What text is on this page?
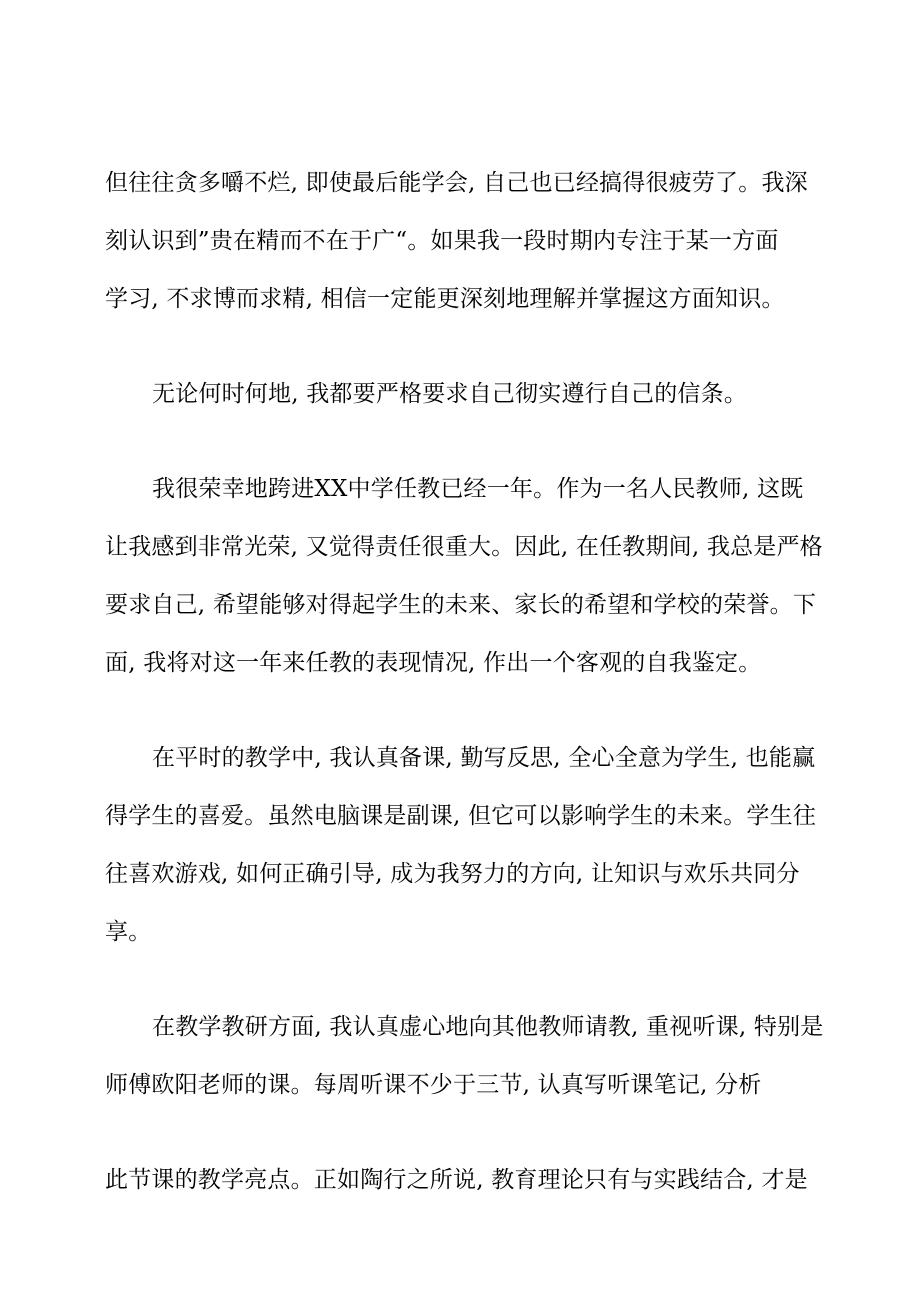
但往往贪多嚼不烂, 即使最后能学会, 自己也已经搞得很疲劳了。我深
刻认识到”贵在精而不在于广“。如果我一段时期内专注于某一方面
学习, 不求博而求精, 相信一定能更深刻地理解并掌握这方面知识。
无论何时何地, 我都要严格要求自己彻实遵行自己的信条。
我很荣幸地跨进XX中学任教已经一年。作为一名人民教师, 这既
让我感到非常光荣, 又觉得责任很重大。因此, 在任教期间, 我总是严格
要求自己, 希望能够对得起学生的未来、家长的希望和学校的荣誉。下
面, 我将对这一年来任教的表现情况, 作出一个客观的自我鉴定。
在平时的教学中, 我认真备课, 勤写反思, 全心全意为学生, 也能赢
得学生的喜爱。虽然电脑课是副课, 但它可以影响学生的未来。学生往
往喜欢游戏, 如何正确引导, 成为我努力的方向, 让知识与欢乐共同分
享。
在教学教研方面, 我认真虚心地向其他教师请教, 重视听课, 特别是
师傅欧阳老师的课。每周听课不少于三节, 认真写听课笔记, 分析
此节课的教学亮点。正如陶行之所说, 教育理论只有与实践结合, 才是
